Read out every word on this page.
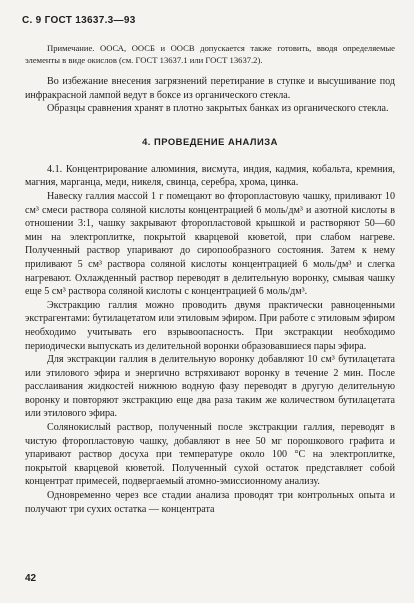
С. 9 ГОСТ 13637.3—93

Примечание. ООСА, ООСБ и ООСВ допускается также готовить, вводя определяемые элементы в виде окислов (см. ГОСТ 13637.1 или ГОСТ 13637.2).

Во избежание внесения загрязнений перетирание в ступке и высушивание под инфракрасной лампой ведут в боксе из органического стекла.

Образцы сравнения хранят в плотно закрытых банках из органического стекла.

4. ПРОВЕДЕНИЕ АНАЛИЗА

4.1. Концентрирование алюминия, висмута, индия, кадмия, кобальта, кремния, магния, марганца, меди, никеля, свинца, серебра, хрома, цинка.

Навеску галлия массой 1 г помещают во фторопластовую чашку, приливают 10 см³ смеси раствора соляной кислоты концентрацией 6 моль/дм³ и азотной кислоты в отношении 3:1, чашку закрывают фторопластовой крышкой и растворяют 50—60 мин на электроплитке, покрытой кварцевой кюветой, при слабом нагреве. Полученный раствор упаривают до сиропообразного состояния. Затем к нему приливают 5 см³ раствора соляной кислоты концентрацией 6 моль/дм³ и слегка нагревают. Охлажденный раствор переводят в делительную воронку, смывая чашку еще 5 см³ раствора соляной кислоты с концентрацией 6 моль/дм³.

Экстракцию галлия можно проводить двумя практически равноценными экстрагентами: бутилацетатом или этиловым эфиром. При работе с этиловым эфиром необходимо учитывать его взрывоопасность. При экстракции необходимо периодически выпускать из делительной воронки образовавшиеся пары эфира.

Для экстракции галлия в делительную воронку добавляют 10 см³ бутилацетата или этилового эфира и энергично встряхивают воронку в течение 2 мин. После расслаивания жидкостей нижнюю водную фазу переводят в другую делительную воронку и повторяют экстракцию еще два раза таким же количеством бутилацетата или этилового эфира.

Солянокислый раствор, полученный после экстракции галлия, переводят в чистую фторопластовую чашку, добавляют в нее 50 мг порошкового графита и упаривают раствор досуха при температуре около 100 °С на электроплитке, покрытой кварцевой кюветой. Полученный сухой остаток представляет собой концентрат примесей, подвергаемый атомно-эмиссионному анализу.

Одновременно через все стадии анализа проводят три контрольных опыта и получают три сухих остатка — концентрата

42
